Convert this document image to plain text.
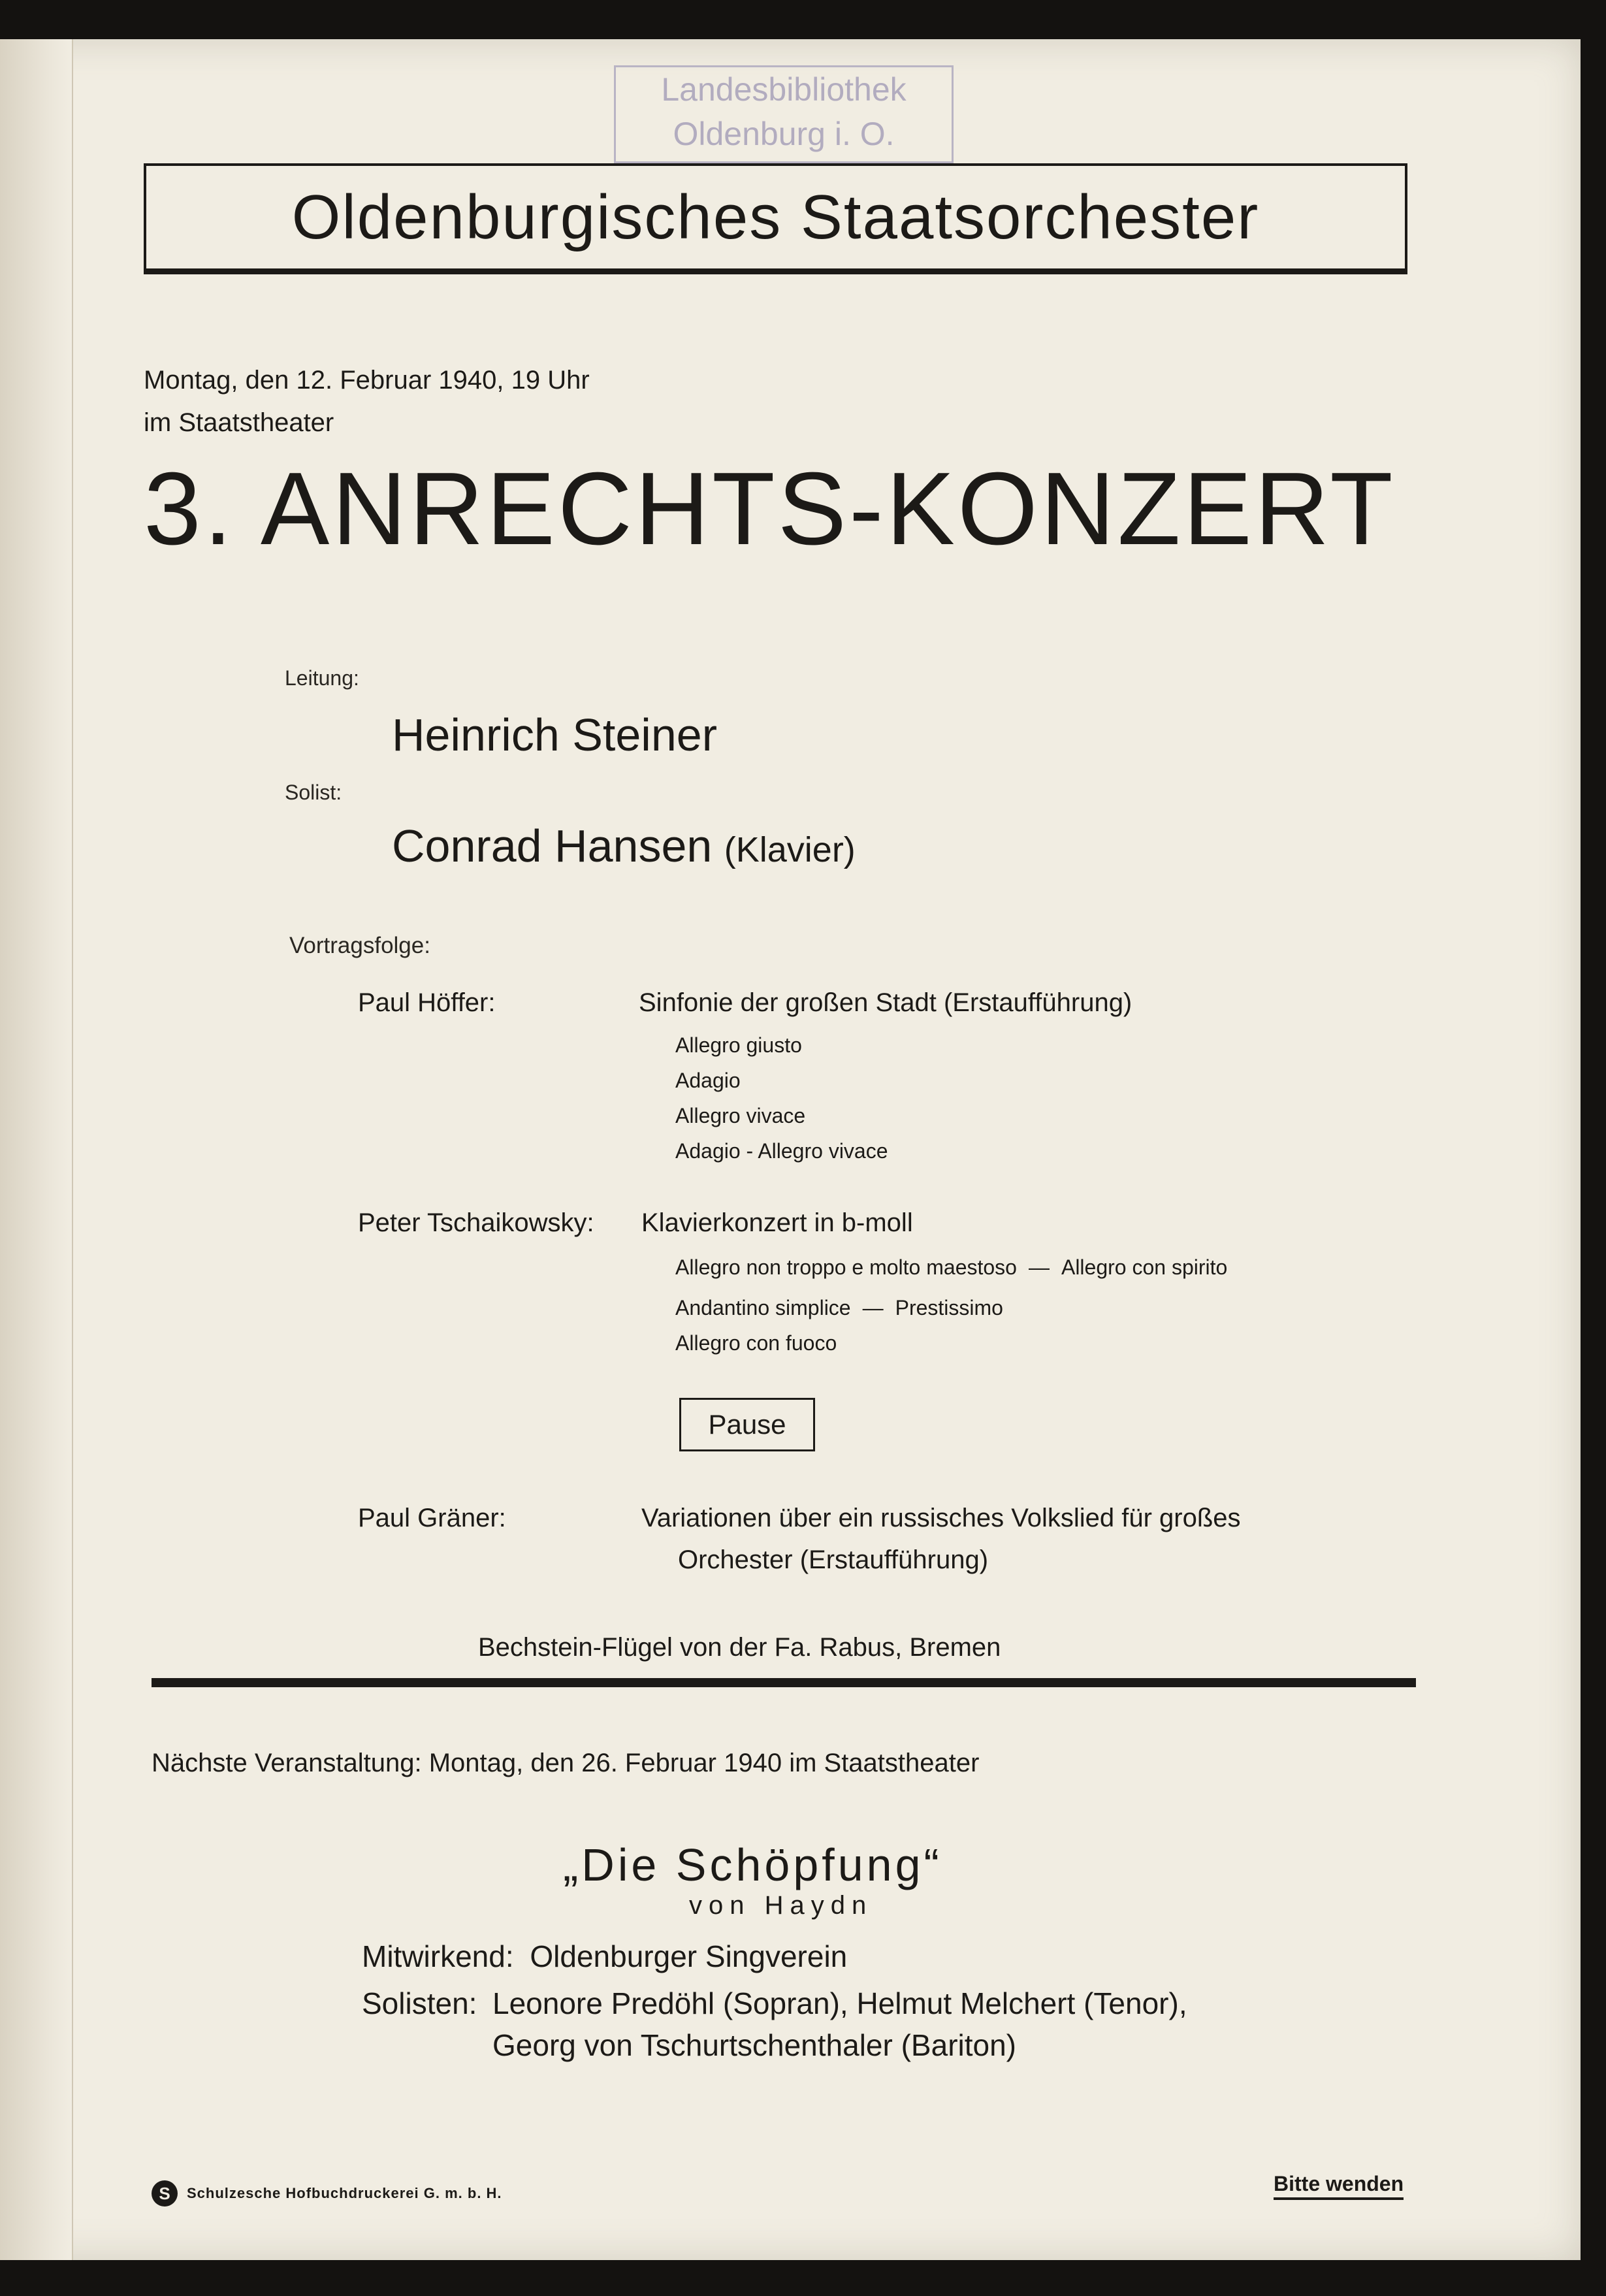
Landesbibliothek
Oldenburg i. O.
Oldenburgisches Staatsorchester
Montag, den 12. Februar 1940, 19 Uhr
im Staatstheater
3. ANRECHTS-KONZERT
Leitung:
Heinrich Steiner
Solist:
Conrad Hansen (Klavier)
Vortragsfolge:
Paul Höffer:	Sinfonie der großen Stadt (Erstaufführung)
Allegro giusto
Adagio
Allegro vivace
Adagio - Allegro vivace
Peter Tschaikowsky: Klavierkonzert in b-moll
Allegro non troppo e molto maestoso — Allegro con spirito
Andantino simplice — Prestissimo
Allegro con fuoco
Pause
Paul Gräner:	Variationen über ein russisches Volkslied für großes
Orchester (Erstaufführung)
Bechstein-Flügel von der Fa. Rabus, Bremen
Nächste Veranstaltung: Montag, den 26. Februar 1940 im Staatstheater
„Die Schöpfung“
von Haydn
Mitwirkend: Oldenburger Singverein
Solisten: Leonore Predöhl (Sopran), Helmut Melchert (Tenor),
Georg von Tschurtschenthaler (Bariton)
S Schulzesche Hofbuchdruckerei G. m. b. H.	Bitte wenden
